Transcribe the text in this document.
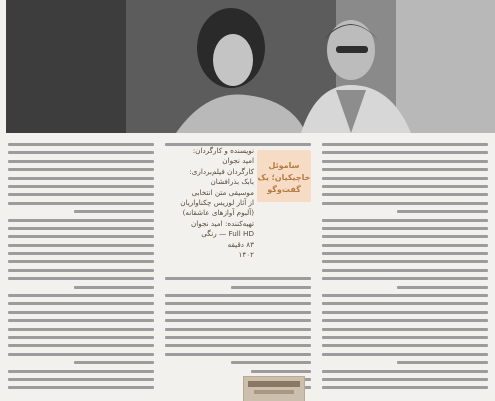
ساموئل خاچیکیان؛ یک گفت‌وگو
نویسنده و کارگردان:
امید نجوان
کارگردان فیلم‌برداری:
بابک بذرافشان
موسیقی متن انتخابی
از آثار لوریس چکناواریان
(آلبوم آوازهای عاشقانه)
تهیه‌کننده: امید نجوان
Full HD — رنگی
۸۳ دقیقه
۱۴۰۲
